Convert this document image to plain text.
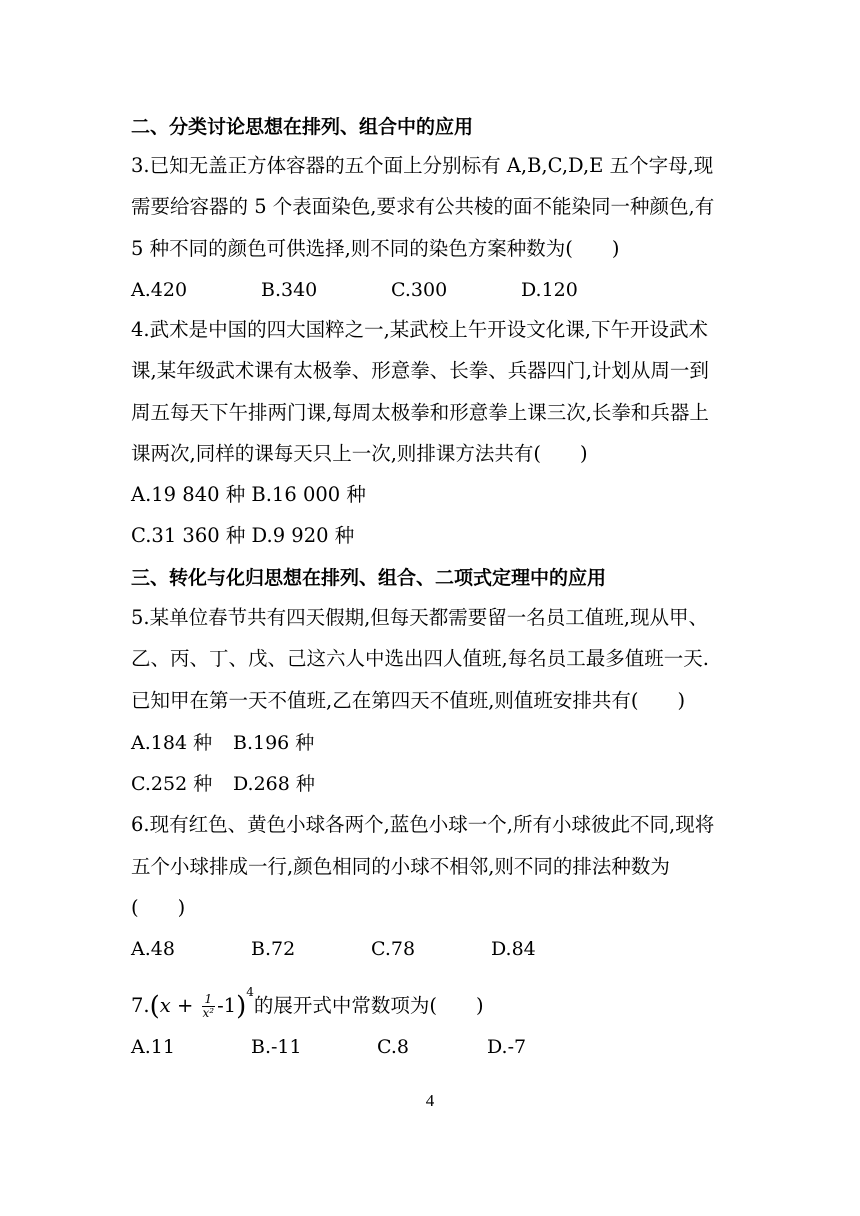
二、分类讨论思想在排列、组合中的应用
3.已知无盖正方体容器的五个面上分别标有 A,B,C,D,E 五个字母,现
需要给容器的 5 个表面染色,要求有公共棱的面不能染同一种颜色,有
5 种不同的颜色可供选择,则不同的染色方案种数为(　　)
A.420	B.340	C.300	D.120
4.武术是中国的四大国粹之一,某武校上午开设文化课,下午开设武术
课,某年级武术课有太极拳、形意拳、长拳、兵器四门,计划从周一到
周五每天下午排两门课,每周太极拳和形意拳上课三次,长拳和兵器上
课两次,同样的课每天只上一次,则排课方法共有(　　)
A.19 840 种 B.16 000 种
C.31 360 种 D.9 920 种
三、转化与化归思想在排列、组合、二项式定理中的应用
5.某单位春节共有四天假期,但每天都需要留一名员工值班,现从甲、
乙、丙、丁、戊、己这六人中选出四人值班,每名员工最多值班一天.
已知甲在第一天不值班,乙在第四天不值班,则值班安排共有(　　)
A.184 种 B.196 种
C.252 种 D.268 种
6.现有红色、黄色小球各两个,蓝色小球一个,所有小球彼此不同,现将
五个小球排成一行,颜色相同的小球不相邻,则不同的排法种数为
(　　)
A.48	B.72	C.78	D.84
$7.(x + \frac{1}{\text{x²}} -1)^4$的展开式中常数项为(　　)
A.11	B.-11	C.8	D.-7
4
